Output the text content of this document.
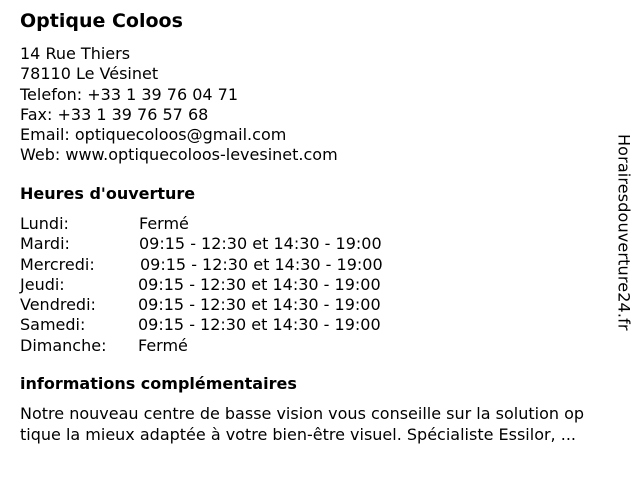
Optique Coloos
14 Rue Thiers
78110 Le Vésinet
Telefon: +33 1 39 76 04 71
Fax: +33 1 39 76 57 68
Email: optiquecoloos@gmail.com
Web: www.optiquecoloos-levesinet.com
Heures d'ouverture
Lundi:	Fermé
Mardi:	09:15 - 12:30 et 14:30 - 19:00
Mercredi:	09:15 - 12:30 et 14:30 - 19:00
Jeudi:	09:15 - 12:30 et 14:30 - 19:00
Vendredi:	09:15 - 12:30 et 14:30 - 19:00
Samedi:	09:15 - 12:30 et 14:30 - 19:00
Dimanche: Fermé
informations complémentaires
Notre nouveau centre de basse vision vous conseille sur la solution op
tique la mieux adaptée à votre bien-être visuel. Spécialiste Essilor, ...
Horairesdouverture24.fr
